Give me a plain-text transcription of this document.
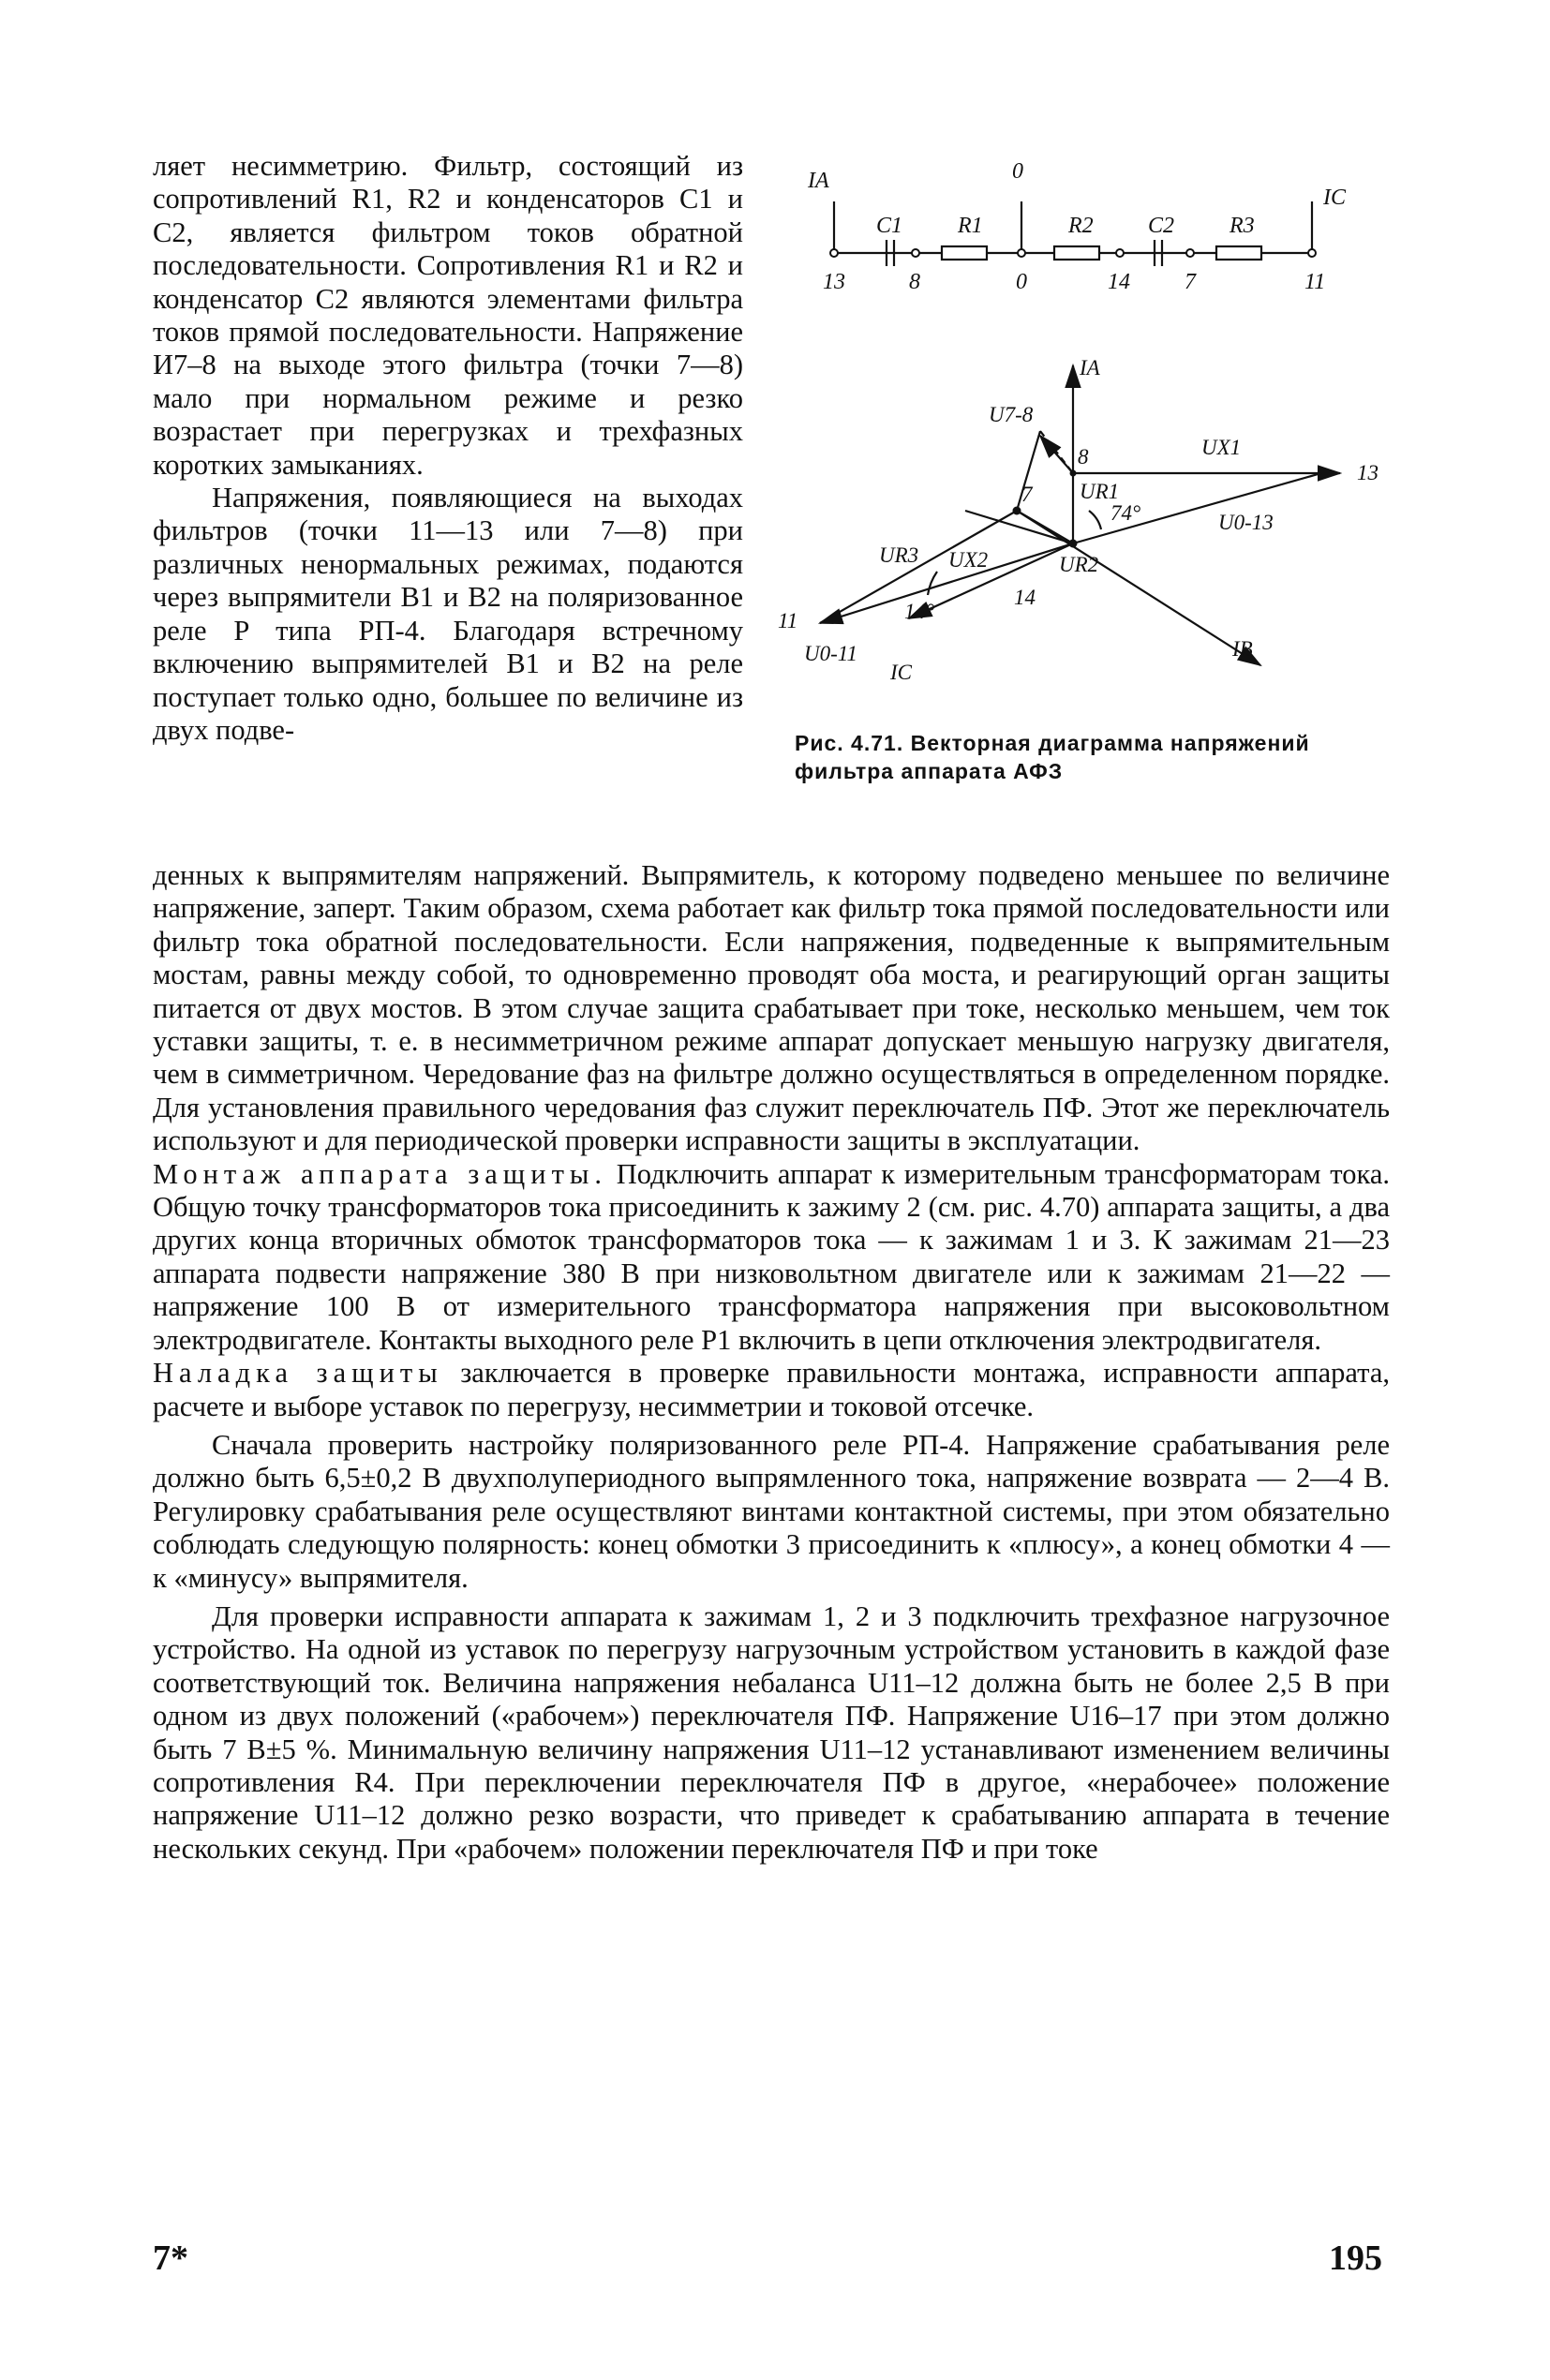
ляет несимметрию. Фильтр, состоящий из сопротивлений R1, R2 и конденсаторов C1 и C2, является фильтром токов обратной последовательности. Сопротивления R1 и R2 и конденсатор C2 являются элементами фильтра токов прямой последовательности. Напряжение И7–8 на выходе этого фильтра (точки 7—8) мало при нормальном режиме и резко возрастает при перегрузках и трехфазных коротких замыканиях.

Напряжения, появляющиеся на выходах фильтров (точки 11—13 или 7—8) при различных ненормальных режимах, подаются через выпрямители B1 и B2 на поляризованное реле P типа РП-4. Благодаря встречному включению выпрямителей B1 и B2 на реле поступает только одно, большее по величине из двух подве-

IA	0
IC
C1 R1	R2 C2 R3
13	8	0	14 7	11
IA
U7-8
8	UX1
13
UR1
74°	U0-13
7
UR3 UX2	UR2
14
14°
11
U0-11
IC
IB
Рис. 4.71. Векторная диаграмма напряжений фильтра аппарата АФЗ

денных к выпрямителям напряжений. Выпрямитель, к которому подведено меньшее по величине напряжение, заперт. Таким образом, схема работает как фильтр тока прямой последовательности или фильтр тока обратной последовательности. Если напряжения, подведенные к выпрямительным мостам, равны между собой, то одновременно проводят оба моста, и реагирующий орган защиты питается от двух мостов. В этом случае защита срабатывает при токе, несколько меньшем, чем ток уставки защиты, т. е. в несимметричном режиме аппарат допускает меньшую нагрузку двигателя, чем в симметричном. Чередование фаз на фильтре должно осуществляться в определенном порядке. Для установления правильного чередования фаз служит переключатель ПФ. Этот же переключатель используют и для периодической проверки исправности защиты в эксплуатации.

Монтаж аппарата защиты. Подключить аппарат к измерительным трансформаторам тока. Общую точку трансформаторов тока присоединить к зажиму 2 (см. рис. 4.70) аппарата защиты, а два других конца вторичных обмоток трансформаторов тока — к зажимам 1 и 3. К зажимам 21—23 аппарата подвести напряжение 380 В при низковольтном двигателе или к зажимам 21—22 — напряжение 100 В от измерительного трансформатора напряжения при высоковольтном электродвигателе. Контакты выходного реле P1 включить в цепи отключения электродвигателя.

Наладка защиты заключается в проверке правильности монтажа, исправности аппарата, расчете и выборе уставок по перегрузу, несимметрии и токовой отсечке.

Сначала проверить настройку поляризованного реле РП-4. Напряжение срабатывания реле должно быть 6,5±0,2 В двухполупериодного выпрямленного тока, напряжение возврата — 2—4 В. Регулировку срабатывания реле осуществляют винтами контактной системы, при этом обязательно соблюдать следующую полярность: конец обмотки 3 присоединить к «плюсу», а конец обмотки 4 — к «минусу» выпрямителя.

Для проверки исправности аппарата к зажимам 1, 2 и 3 подключить трехфазное нагрузочное устройство. На одной из уставок по перегрузу нагрузочным устройством установить в каждой фазе соответствующий ток. Величина напряжения небаланса U11–12 должна быть не более 2,5 В при одном из двух положений («рабочем») переключателя ПФ. Напряжение U16–17 при этом должно быть 7 В±5 %. Минимальную величину напряжения U11–12 устанавливают изменением величины сопротивления R4. При переключении переключателя ПФ в другое, «нерабочее» положение напряжение U11–12 должно резко возрасти, что приведет к срабатыванию аппарата в течение нескольких секунд. При «рабочем» положении переключателя ПФ и при токе

7*	195
